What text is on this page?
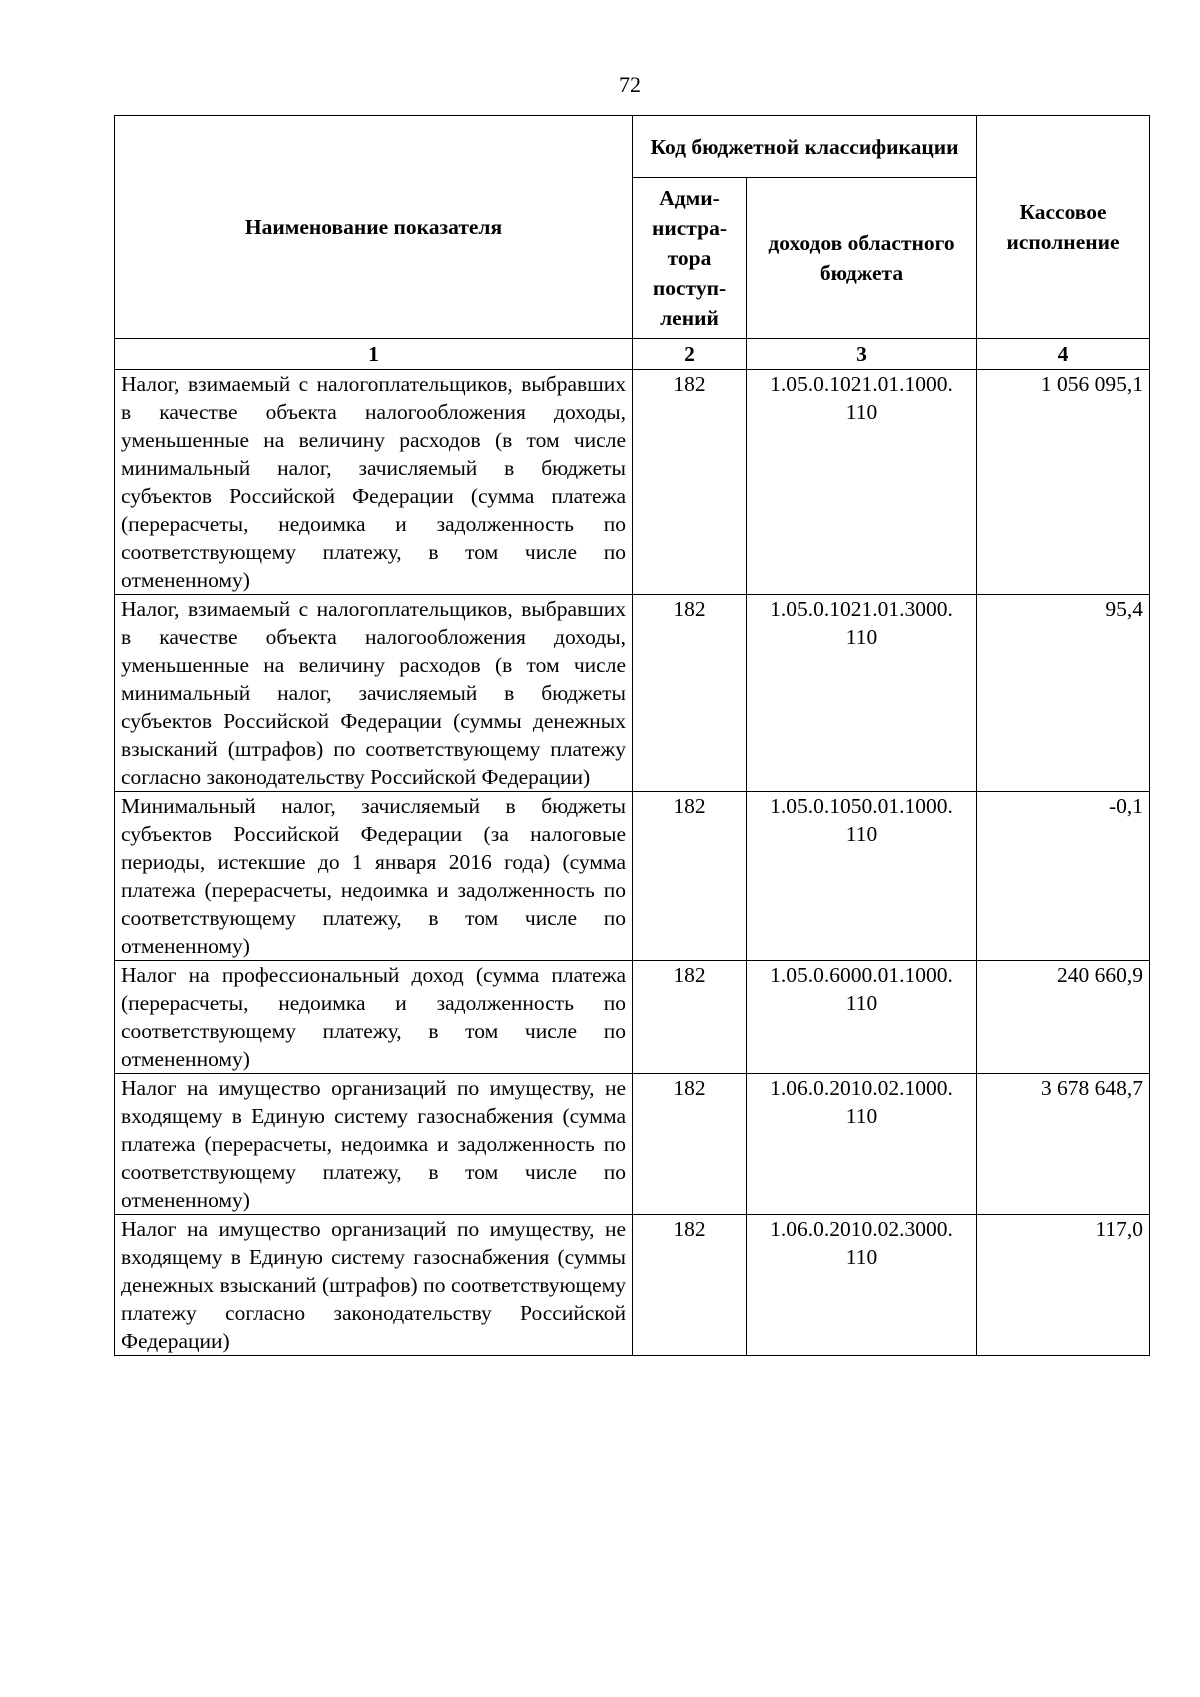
72
Наименование показателя	Код бюджетной классификации		Кассовое исполнение
	Адми-нистра-тора поступ-лений	доходов областного бюджета	
1	2	3	4
Налог, взимаемый с налогоплательщиков, выбравших в качестве объекта налогообложения доходы, уменьшенные на величину расходов (в том числе минимальный налог, зачисляемый в бюджеты субъектов Российской Федерации (сумма платежа (перерасчеты, недоимка и задолженность по соответствующему платежу, в том числе по отмененному)	182	1.05.0.1021.01.1000. 110	1 056 095,1
Налог, взимаемый с налогоплательщиков, выбравших в качестве объекта налогообложения доходы, уменьшенные на величину расходов (в том числе минимальный налог, зачисляемый в бюджеты субъектов Российской Федерации (суммы денежных взысканий (штрафов) по соответствующему платежу согласно законодательству Российской Федерации)	182	1.05.0.1021.01.3000. 110	95,4
Минимальный налог, зачисляемый в бюджеты субъектов Российской Федерации (за налоговые периоды, истекшие до 1 января 2016 года) (сумма платежа (перерасчеты, недоимка и задолженность по соответствующему платежу, в том числе по отмененному)	182	1.05.0.1050.01.1000. 110	-0,1
Налог на профессиональный доход (сумма платежа (перерасчеты, недоимка и задолженность по соответствующему платежу, в том числе по отмененному)	182	1.05.0.6000.01.1000. 110	240 660,9
Налог на имущество организаций по имуществу, не входящему в Единую систему газоснабжения (сумма платежа (перерасчеты, недоимка и задолженность по соответствующему платежу, в том числе по отмененному)	182	1.06.0.2010.02.1000. 110	3 678 648,7
Налог на имущество организаций по имуществу, не входящему в Единую систему газоснабжения (суммы денежных взысканий (штрафов) по соответствующему платежу согласно законодательству Российской Федерации)	182	1.06.0.2010.02.3000. 110	117,0
